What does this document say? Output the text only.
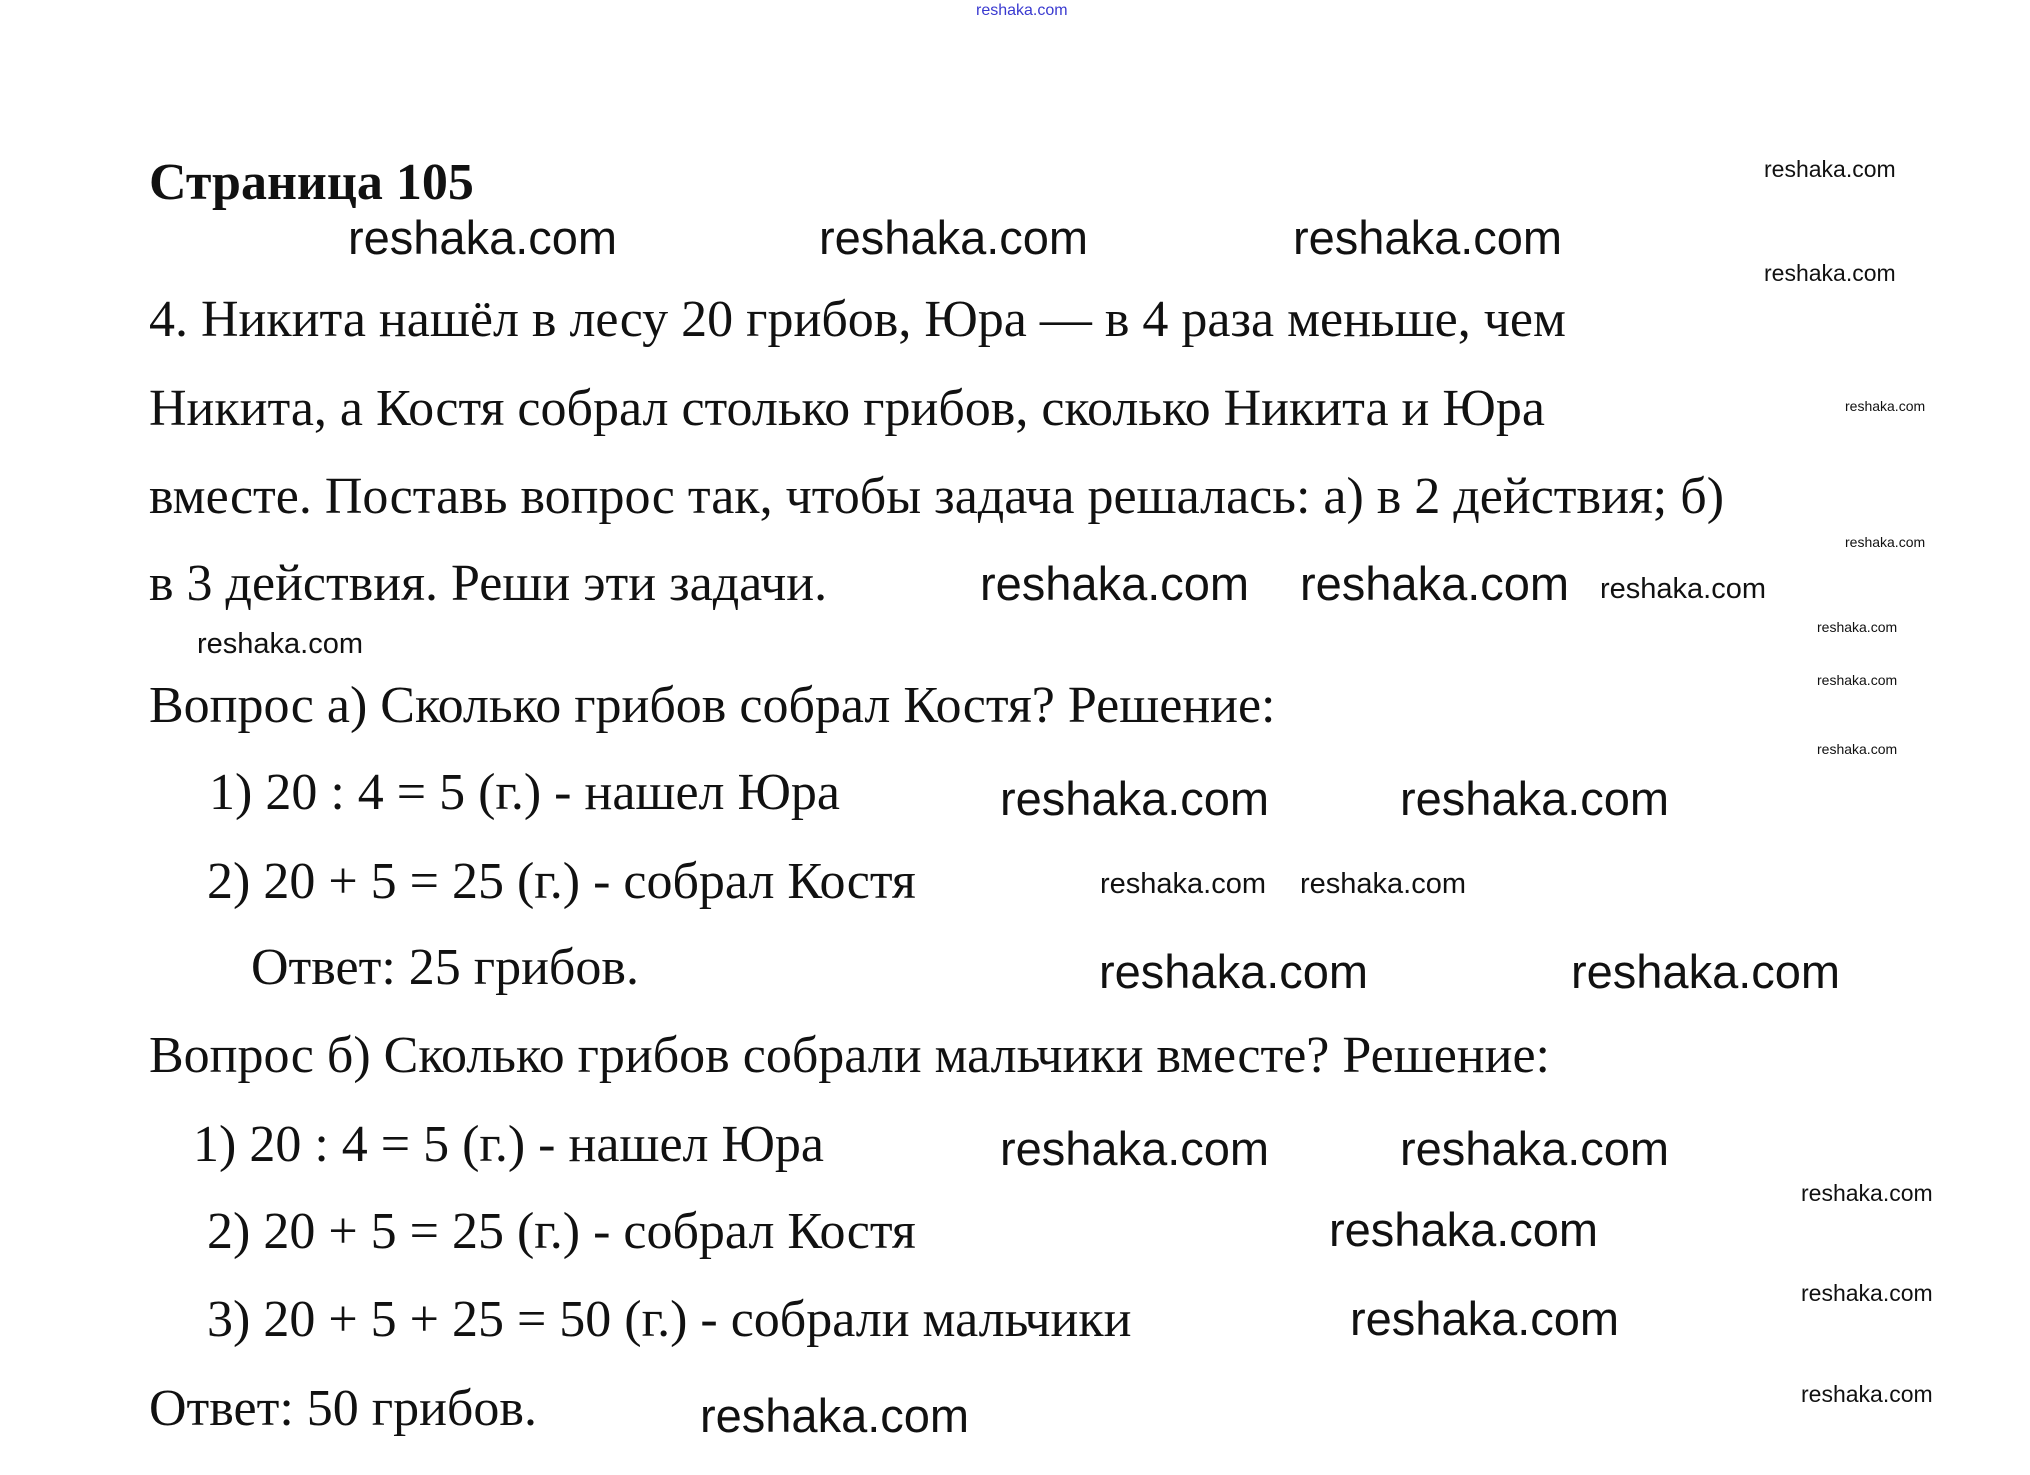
reshaka.com
Страница 105
4. Никита нашёл в лесу 20 грибов, Юра — в 4 раза меньше, чем
Никита, а Костя собрал столько грибов, сколько Никита и Юра
вместе. Поставь вопрос так, чтобы задача решалась: а) в 2 действия; б)
в 3 действия. Реши эти задачи.
Вопрос а) Сколько грибов собрал Костя? Решение:
1) 20 : 4 = 5 (г.) - нашел Юра
2) 20 + 5 = 25 (г.) - собрал Костя
Ответ: 25 грибов.
Вопрос б) Сколько грибов собрали мальчики вместе? Решение:
1) 20 : 4 = 5 (г.) - нашел Юра
2) 20 + 5 = 25 (г.) - собрал Костя
3) 20 + 5 + 25 = 50 (г.) - собрали мальчики
Ответ: 50 грибов.
reshaka.com	reshaka.com	reshaka.com
reshaka.com reshaka.com
reshaka.com	reshaka.com
reshaka.com	reshaka.com
reshaka.com	reshaka.com
reshaka.com
reshaka.com
reshaka.com
reshaka.com
reshaka.com
reshaka.com reshaka.com
reshaka.com
reshaka.com
reshaka.com
reshaka.com
reshaka.com
reshaka.com
reshaka.com
reshaka.com
reshaka.com
reshaka.com
